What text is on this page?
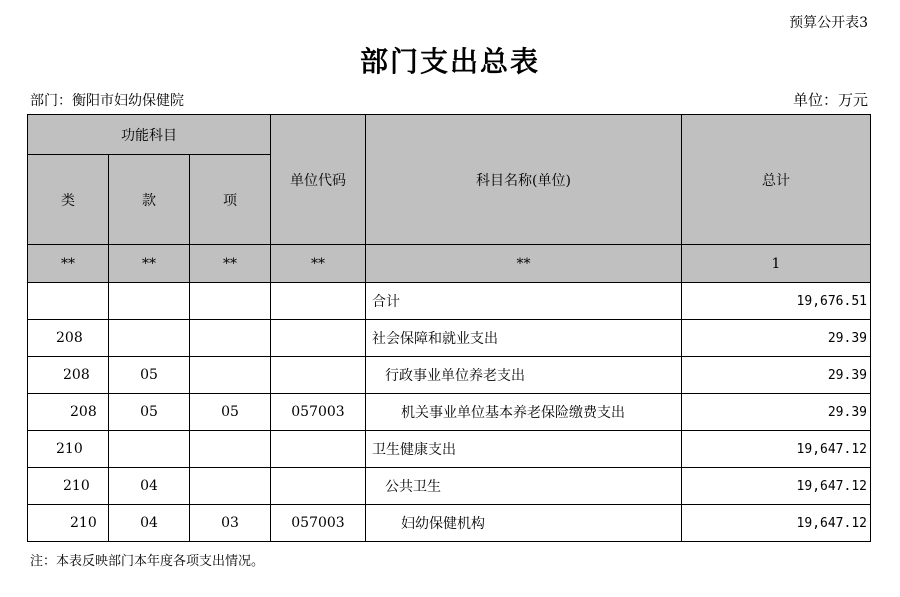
预算公开表3
部门支出总表
部门：衡阳市妇幼保健院	单位：万元
功能科目			单位代码	科目名称(单位)	总计
类	款	项			
**	**	**	**	**	1
				合计	19,676.51
208				社会保障和就业支出	29.39
208	05			行政事业单位养老支出	29.39
208	05	05	057003	机关事业单位基本养老保险缴费支出	29.39
210				卫生健康支出	19,647.12
210	04			公共卫生	19,647.12
210	04	03	057003	妇幼保健机构	19,647.12
注：本表反映部门本年度各项支出情况。
